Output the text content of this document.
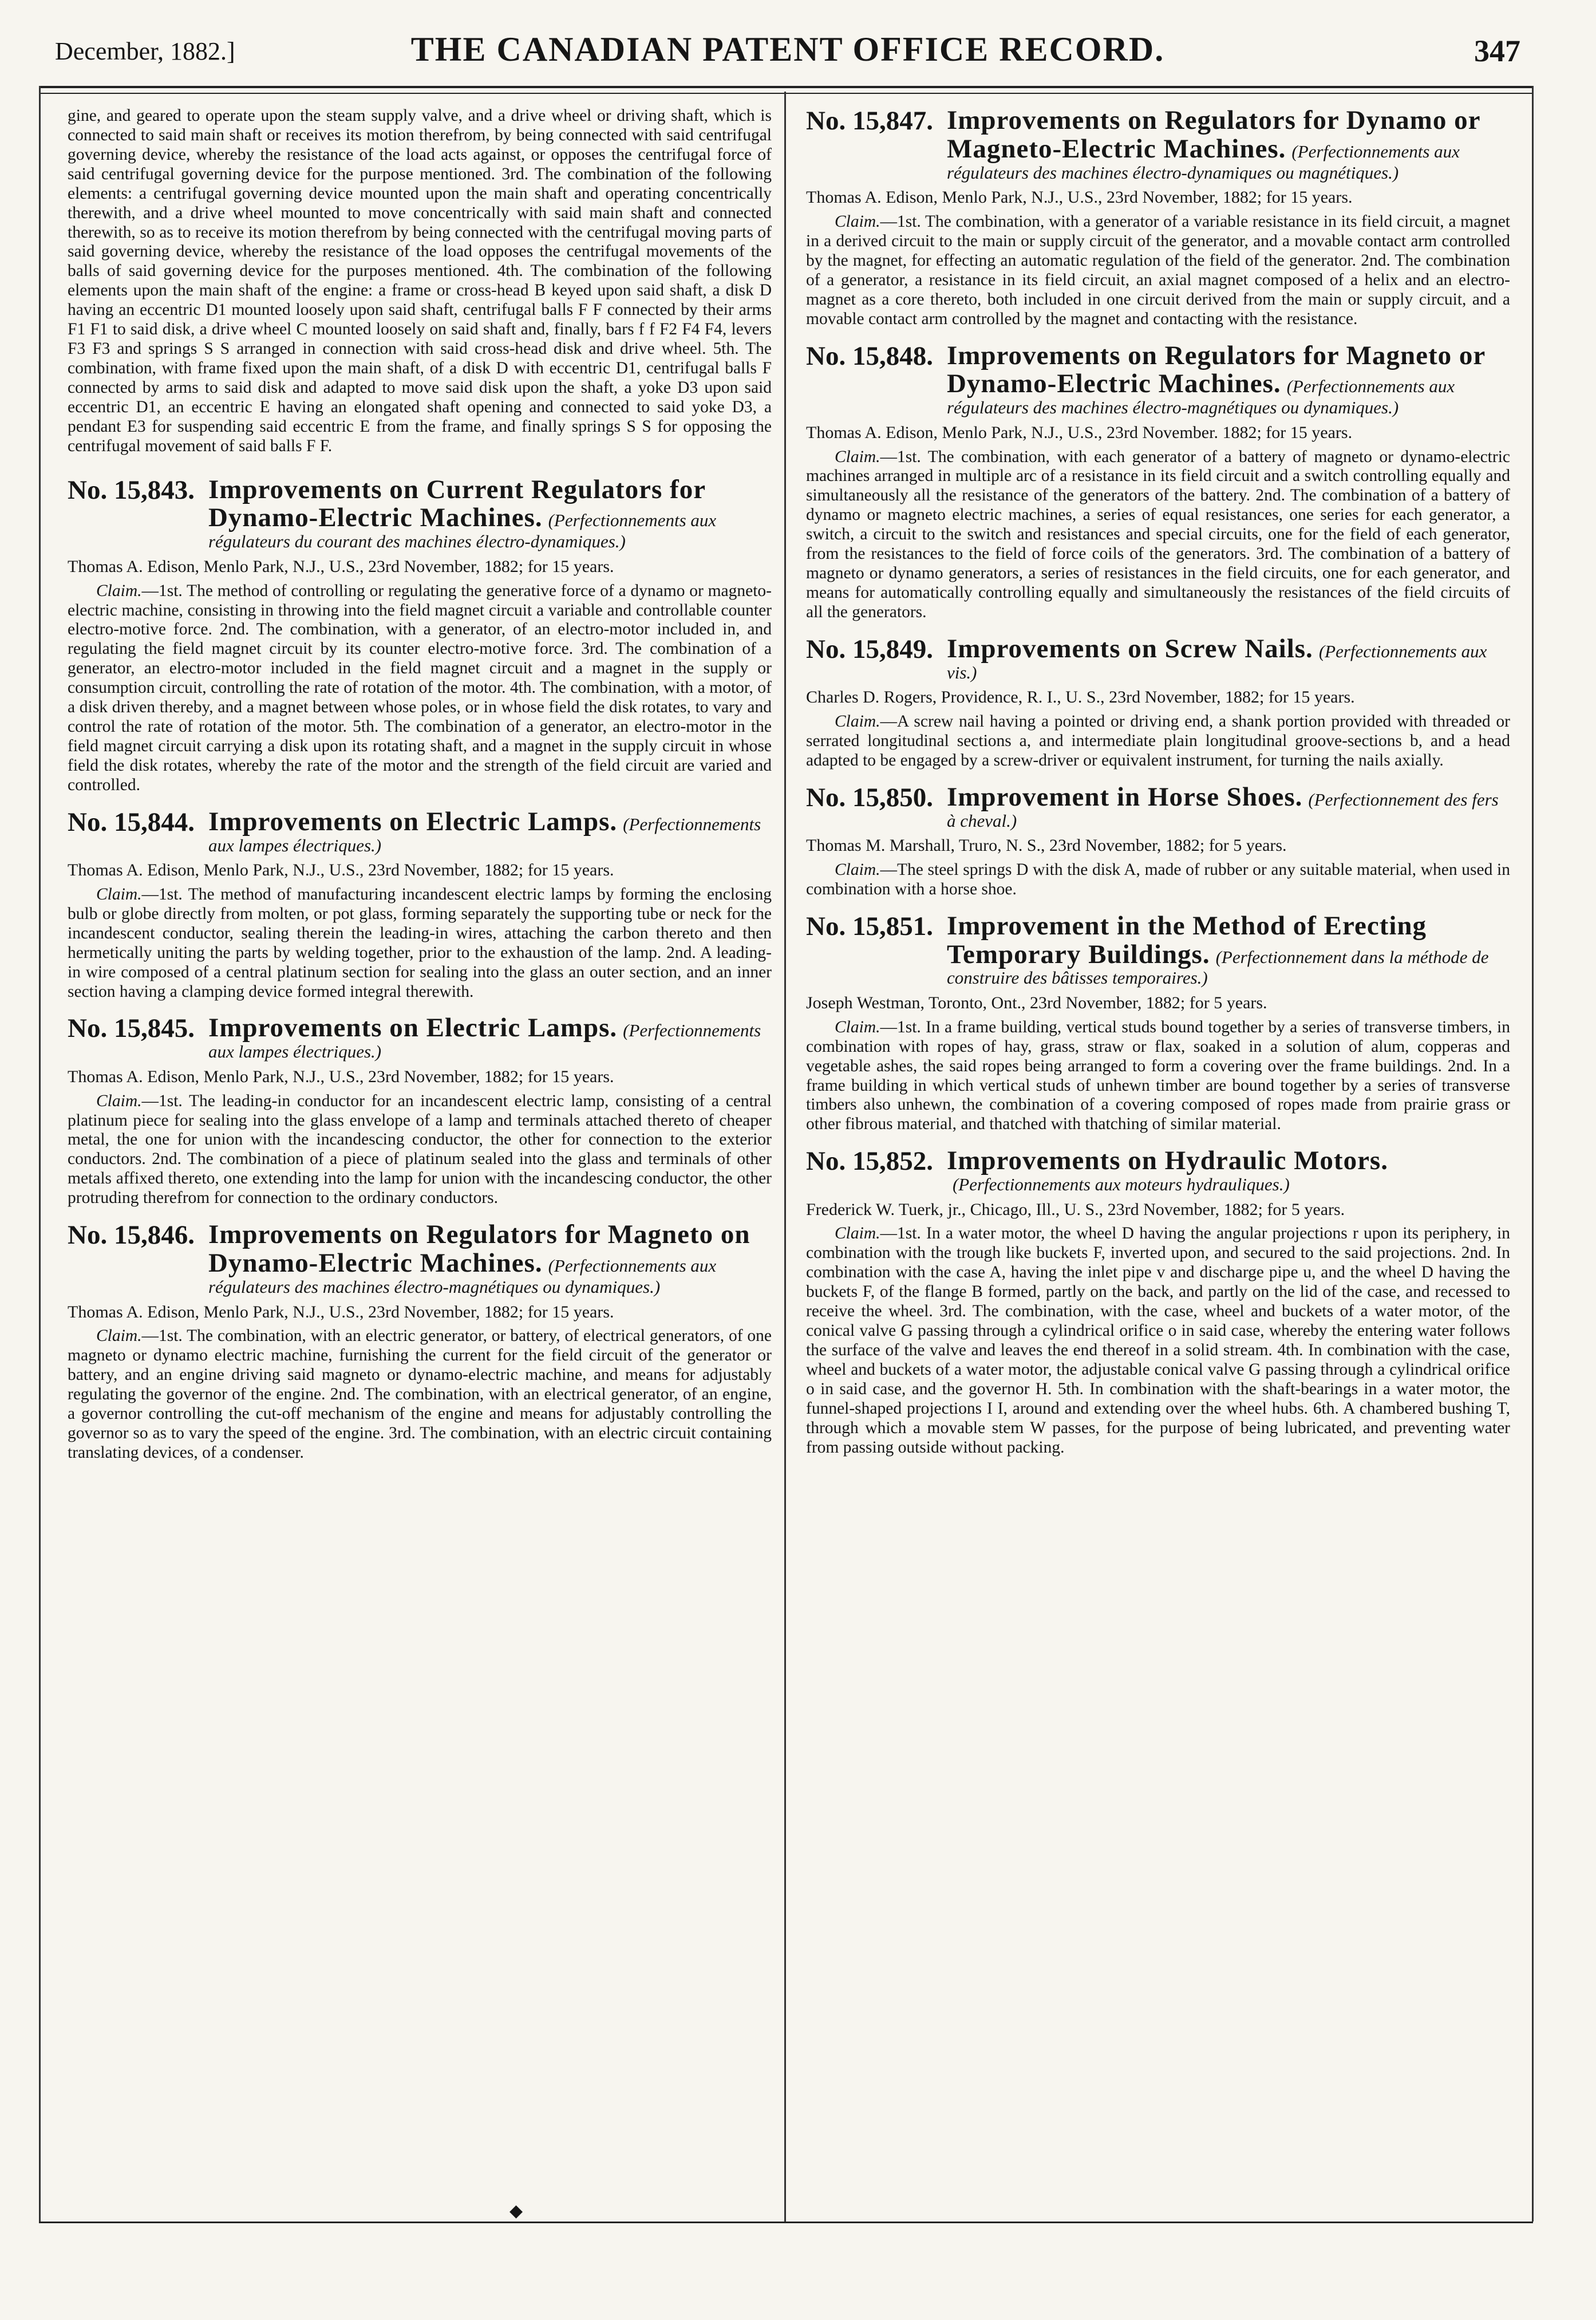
December, 1882.]	THE CANADIAN PATENT OFFICE RECORD.	347

gine, and geared to operate upon the steam supply valve, and a drive wheel or driving shaft, which is connected to said main shaft or receives its motion therefrom, by being connected with said centrifugal governing device, whereby the resistance of the load acts against, or opposes the centrifugal force of said centrifugal governing device for the purpose mentioned. 3rd. The combination of the following elements: a centrifugal governing device mounted upon the main shaft and operating concentrically therewith, and a drive wheel mounted to move concentrically with said main shaft and connected therewith, so as to receive its motion therefrom by being connected with the centrifugal moving parts of said governing device, whereby the resistance of the load opposes the centrifugal movements of the balls of said governing device for the purposes mentioned. 4th. The combination of the following elements upon the main shaft of the engine: a frame or cross-head B keyed upon said shaft, a disk D having an eccentric D1 mounted loosely upon said shaft, centrifugal balls F F connected by their arms F1 F1 to said disk, a drive wheel C mounted loosely on said shaft and, finally, bars f f F2 F4 F4, levers F3 F3 and springs S S arranged in connection with said cross-head disk and drive wheel. 5th. The combination, with frame fixed upon the main shaft, of a disk D with eccentric D1, centrifugal balls F connected by arms to said disk and adapted to move said disk upon the shaft, a yoke D3 upon said eccentric D1, an eccentric E having an elongated shaft opening and connected to said yoke D3, a pendant E3 for suspending said eccentric E from the frame, and finally springs S S for opposing the centrifugal movement of said balls F F.

No. 15,843. Improvements on Current Regulators for Dynamo-Electric Machines. (Perfectionnements aux régulateurs du courant des machines électro-dynamiques.)
Thomas A. Edison, Menlo Park, N.J., U.S., 23rd November, 1882; for 15 years.

Claim.—1st. The method of controlling or regulating the generative force of a dynamo or magneto-electric machine, consisting in throwing into the field magnet circuit a variable and controllable counter electro-motive force. 2nd. The combination, with a generator, of an electro-motor included in, and regulating the field magnet circuit by its counter electro-motive force. 3rd. The combination of a generator, an electro-motor included in the field magnet circuit and a magnet in the supply or consumption circuit, controlling the rate of rotation of the motor. 4th. The combination, with a motor, of a disk driven thereby, and a magnet between whose poles, or in whose field the disk rotates, to vary and control the rate of rotation of the motor. 5th. The combination of a generator, an electro-motor in the field magnet circuit carrying a disk upon its rotating shaft, and a magnet in the supply circuit in whose field the disk rotates, whereby the rate of the motor and the strength of the field circuit are varied and controlled.

No. 15,844. Improvements on Electric Lamps. (Perfectionnements aux lampes électriques.)
Thomas A. Edison, Menlo Park, N.J., U.S., 23rd November, 1882; for 15 years.

Claim.—1st. The method of manufacturing incandescent electric lamps by forming the enclosing bulb or globe directly from molten, or pot glass, forming separately the supporting tube or neck for the incandescent conductor, sealing therein the leading-in wires, attaching the carbon thereto and then hermetically uniting the parts by welding together, prior to the exhaustion of the lamp. 2nd. A leading-in wire composed of a central platinum section for sealing into the glass an outer section, and an inner section having a clamping device formed integral therewith.

No. 15,845. Improvements on Electric Lamps. (Perfectionnements aux lampes électriques.)
Thomas A. Edison, Menlo Park, N.J., U.S., 23rd November, 1882; for 15 years.

Claim.—1st. The leading-in conductor for an incandescent electric lamp, consisting of a central platinum piece for sealing into the glass envelope of a lamp and terminals attached thereto of cheaper metal, the one for union with the incandescing conductor, the other for connection to the exterior conductors. 2nd. The combination of a piece of platinum sealed into the glass and terminals of other metals affixed thereto, one extending into the lamp for union with the incandescing conductor, the other protruding therefrom for connection to the ordinary conductors.

No. 15,846. Improvements on Regulators for Magneto on Dynamo-Electric Machines. (Perfectionnements aux régulateurs des machines électro-magnétiques ou dynamiques.)
Thomas A. Edison, Menlo Park, N.J., U.S., 23rd November, 1882; for 15 years.

Claim.—1st. The combination, with an electric generator, or battery, of electrical generators, of one magneto or dynamo electric machine, furnishing the current for the field circuit of the generator or battery, and an engine driving said magneto or dynamo-electric machine, and means for adjustably regulating the governor of the engine. 2nd. The combination, with an electrical generator, of an engine, a governor controlling the cut-off mechanism of the engine and means for adjustably controlling the governor so as to vary the speed of the engine. 3rd. The combination, with an electric circuit containing translating devices, of a condenser.

No. 15,847. Improvements on Regulators for Dynamo or Magneto-Electric Machines. (Perfectionnements aux régulateurs des machines électro-dynamiques ou magnétiques.)
Thomas A. Edison, Menlo Park, N.J., U.S., 23rd November, 1882; for 15 years.

Claim.—1st. The combination, with a generator of a variable resistance in its field circuit, a magnet in a derived circuit to the main or supply circuit of the generator, and a movable contact arm controlled by the magnet, for effecting an automatic regulation of the field of the generator. 2nd. The combination of a generator, a resistance in its field circuit, an axial magnet composed of a helix and an electro-magnet as a core thereto, both included in one circuit derived from the main or supply circuit, and a movable contact arm controlled by the magnet and contacting with the resistance.

No. 15,848. Improvements on Regulators for Magneto or Dynamo-Electric Machines. (Perfectionnements aux régulateurs des machines électro-magnétiques ou dynamiques.)
Thomas A. Edison, Menlo Park, N.J., U.S., 23rd November. 1882; for 15 years.

Claim.—1st. The combination, with each generator of a battery of magneto or dynamo-electric machines arranged in multiple arc of a resistance in its field circuit and a switch controlling equally and simultaneously all the resistance of the generators of the battery. 2nd. The combination of a battery of dynamo or magneto electric machines, a series of equal resistances, one series for each generator, a switch, a circuit to the switch and resistances and special circuits, one for the field of each generator, from the resistances to the field of force coils of the generators. 3rd. The combination of a battery of magneto or dynamo generators, a series of resistances in the field circuits, one for each generator, and means for automatically controlling equally and simultaneously the resistances of the field circuits of all the generators.

No. 15,849. Improvements on Screw Nails. (Perfectionnements aux vis.)
Charles D. Rogers, Providence, R. I., U. S., 23rd November, 1882; for 15 years.

Claim.—A screw nail having a pointed or driving end, a shank portion provided with threaded or serrated longitudinal sections a, and intermediate plain longitudinal groove-sections b, and a head adapted to be engaged by a screw-driver or equivalent instrument, for turning the nails axially.

No. 15,850. Improvement in Horse Shoes. (Perfectionnement des fers à cheval.)
Thomas M. Marshall, Truro, N. S., 23rd November, 1882; for 5 years.

Claim.—The steel springs D with the disk A, made of rubber or any suitable material, when used in combination with a horse shoe.

No. 15,851. Improvement in the Method of Erecting Temporary Buildings. (Perfectionnement dans la méthode de construire des bâtisses temporaires.)
Joseph Westman, Toronto, Ont., 23rd November, 1882; for 5 years.

Claim.—1st. In a frame building, vertical studs bound together by a series of transverse timbers, in combination with ropes of hay, grass, straw or flax, soaked in a solution of alum, copperas and vegetable ashes, the said ropes being arranged to form a covering over the frame buildings. 2nd. In a frame building in which vertical studs of unhewn timber are bound together by a series of transverse timbers also unhewn, the combination of a covering composed of ropes made from prairie grass or other fibrous material, and thatched with thatching of similar material.

No. 15,852. Improvements on Hydraulic Motors.(Perfectionnements aux moteurs hydrauliques.)
Frederick W. Tuerk, jr., Chicago, Ill., U. S., 23rd November, 1882; for 5 years.

Claim.—1st. In a water motor, the wheel D having the angular projections r upon its periphery, in combination with the trough like buckets F, inverted upon, and secured to the said projections. 2nd. In combination with the case A, having the inlet pipe v and discharge pipe u, and the wheel D having the buckets F, of the flange B formed, partly on the back, and partly on the lid of the case, and recessed to receive the wheel. 3rd. The combination, with the case, wheel and buckets of a water motor, of the conical valve G passing through a cylindrical orifice o in said case, whereby the entering water follows the surface of the valve and leaves the end thereof in a solid stream. 4th. In combination with the case, wheel and buckets of a water motor, the adjustable conical valve G passing through a cylindrical orifice o in said case, and the governor H. 5th. In combination with the shaft-bearings in a water motor, the funnel-shaped projections I I, around and extending over the wheel hubs. 6th. A chambered bushing T, through which a movable stem W passes, for the purpose of being lubricated, and preventing water from passing outside without packing.

◆
